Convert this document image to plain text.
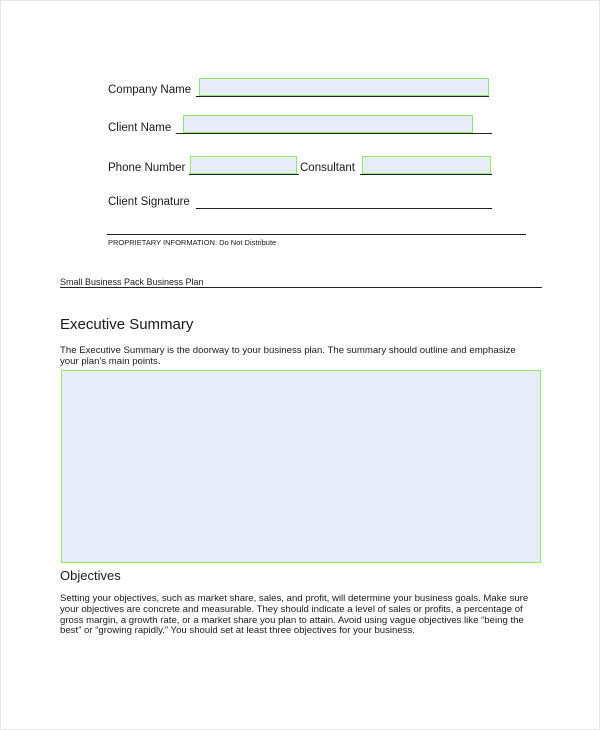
Company Name
Client Name
Phone Number	Consultant
Client Signature
PROPRIETARY INFORMATION: Do Not Distribute
Small Business Pack Business Plan
Executive Summary
The Executive Summary is the doorway to your business plan. The summary should outline and emphasize your plan's main points.
Objectives
Setting your objectives, such as market share, sales, and profit, will determine your business goals. Make sure your objectives are concrete and measurable. They should indicate a level of sales or profits, a percentage of gross margin, a growth rate, or a market share you plan to attain. Avoid using vague objectives like “being the best” or “growing rapidly.” You should set at least three objectives for your business.
